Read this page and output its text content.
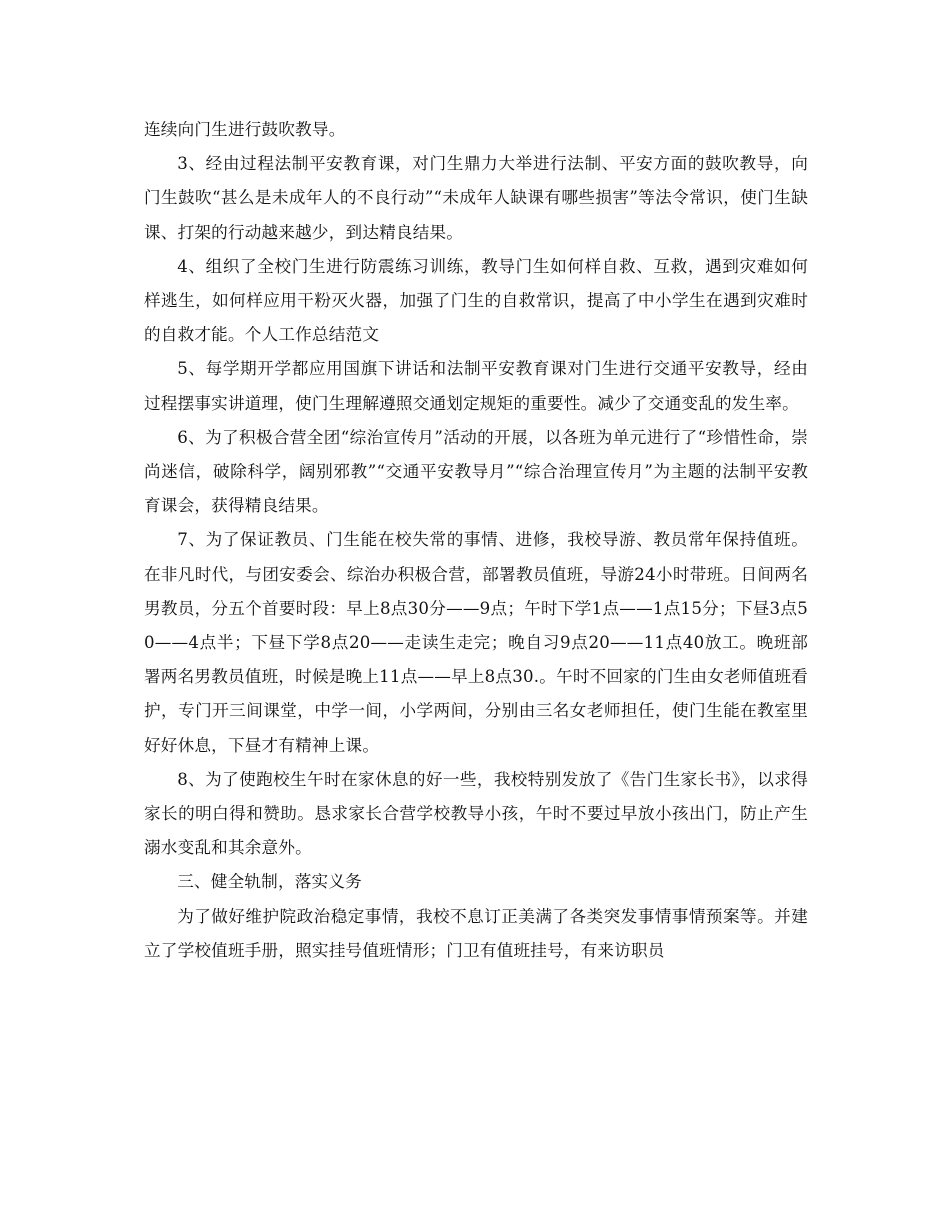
连续向门生进行鼓吹教导。

3、经由过程法制平安教育课，对门生鼎力大举进行法制、平安方面的鼓吹教导，向门生鼓吹“甚么是未成年人的不良行动”“未成年人缺课有哪些损害”等法令常识，使门生缺课、打架的行动越来越少，到达精良结果。

4、组织了全校门生进行防震练习训练，教导门生如何样自救、互救，遇到灾难如何样逃生，如何样应用干粉灭火器，加强了门生的自救常识，提高了中小学生在遇到灾难时的自救才能。个人工作总结范文

5、每学期开学都应用国旗下讲话和法制平安教育课对门生进行交通平安教导，经由过程摆事实讲道理，使门生理解遵照交通划定规矩的重要性。减少了交通变乱的发生率。

6、为了积极合营全团“综治宣传月”活动的开展，以各班为单元进行了“珍惜性命，崇尚迷信，破除科学，阔别邪教”“交通平安教导月”“综合治理宣传月”为主题的法制平安教育课会，获得精良结果。

7、为了保证教员、门生能在校失常的事情、进修，我校导游、教员常年保持值班。在非凡时代，与团安委会、综治办积极合营，部署教员值班，导游24小时带班。日间两名男教员，分五个首要时段：早上8点30分——9点；午时下学1点——1点15分；下昼3点50——4点半；下昼下学8点20——走读生走完；晚自习9点20——11点40放工。晚班部署两名男教员值班，时候是晚上11点——早上8点30.。午时不回家的门生由女老师值班看护，专门开三间课堂，中学一间，小学两间，分别由三名女老师担任，使门生能在教室里好好休息，下昼才有精神上课。

8、为了使跑校生午时在家休息的好一些，我校特别发放了《告门生家长书》，以求得家长的明白得和赞助。恳求家长合营学校教导小孩，午时不要过早放小孩出门，防止产生溺水变乱和其余意外。

三、健全轨制，落实义务

为了做好维护院政治稳定事情，我校不息订正美满了各类突发事情事情预案等。并建立了学校值班手册，照实挂号值班情形；门卫有值班挂号，有来访职员
